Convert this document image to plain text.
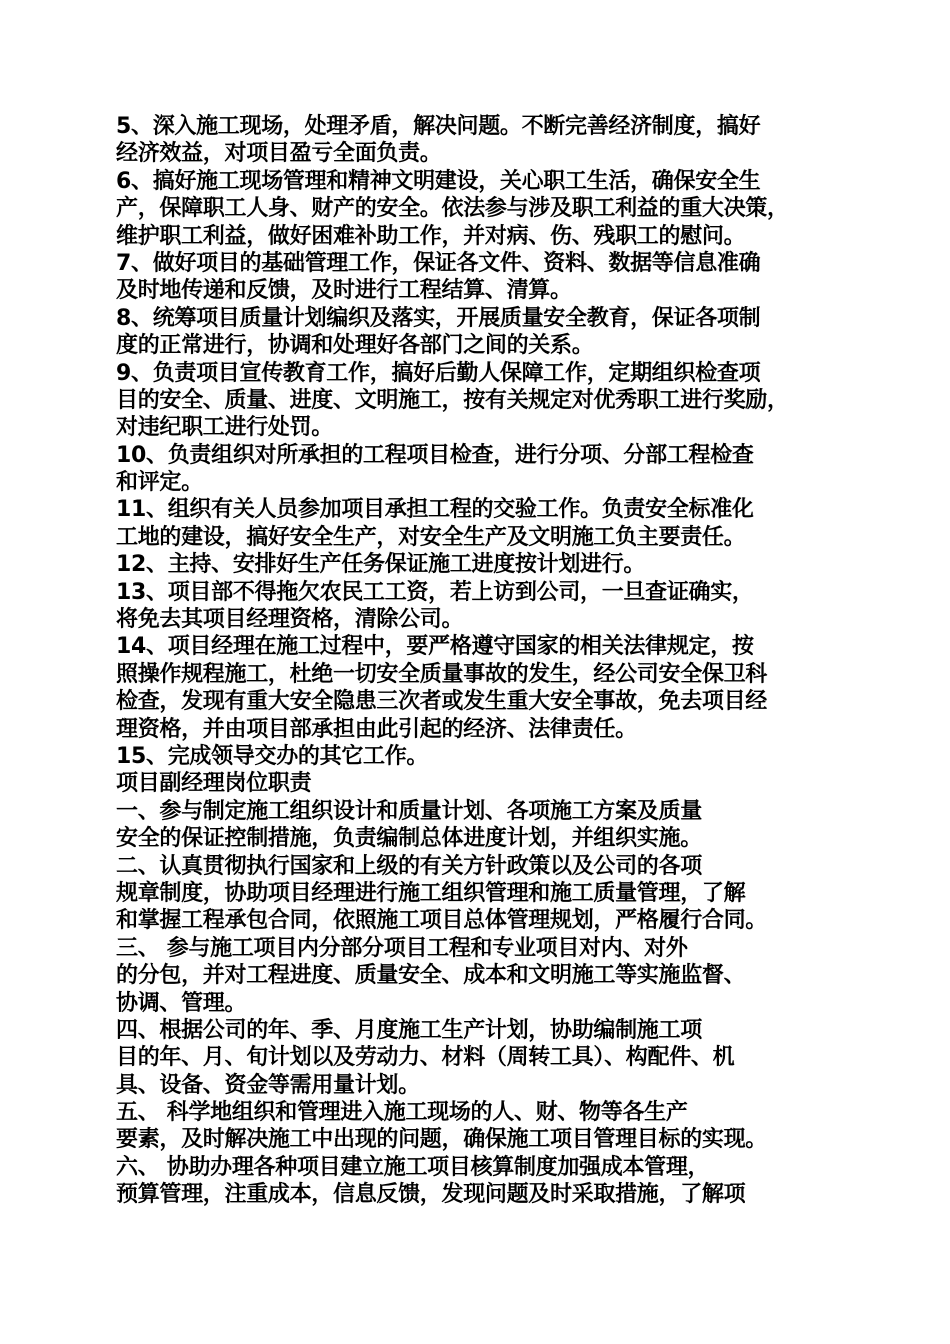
5、深入施工现场，处理矛盾，解决问题。不断完善经济制度，搞好
经济效益，对项目盈亏全面负责。
6、搞好施工现场管理和精神文明建设，关心职工生活，确保安全生
产，保障职工人身、财产的安全。依法参与涉及职工利益的重大决策，
维护职工利益，做好困难补助工作，并对病、伤、残职工的慰问。
7、做好项目的基础管理工作，保证各文件、资料、数据等信息准确
及时地传递和反馈，及时进行工程结算、清算。
8、统筹项目质量计划编织及落实，开展质量安全教育，保证各项制
度的正常进行，协调和处理好各部门之间的关系。
9、负责项目宣传教育工作，搞好后勤人保障工作，定期组织检查项
目的安全、质量、进度、文明施工，按有关规定对优秀职工进行奖励，
对违纪职工进行处罚。
10、负责组织对所承担的工程项目检查，进行分项、分部工程检查
和评定。
11、组织有关人员参加项目承担工程的交验工作。负责安全标准化
工地的建设，搞好安全生产，对安全生产及文明施工负主要责任。
12、主持、安排好生产任务保证施工进度按计划进行。
13、项目部不得拖欠农民工工资，若上访到公司，一旦查证确实，
将免去其项目经理资格，清除公司。
14、项目经理在施工过程中，要严格遵守国家的相关法律规定，按
照操作规程施工，杜绝一切安全质量事故的发生，经公司安全保卫科
检查，发现有重大安全隐患三次者或发生重大安全事故，免去项目经
理资格，并由项目部承担由此引起的经济、法律责任。
15、完成领导交办的其它工作。
项目副经理岗位职责
一、参与制定施工组织设计和质量计划、各项施工方案及质量
安全的保证控制措施，负责编制总体进度计划，并组织实施。
二、认真贯彻执行国家和上级的有关方针政策以及公司的各项
规章制度，协助项目经理进行施工组织管理和施工质量管理，了解
和掌握工程承包合同，依照施工项目总体管理规划，严格履行合同。
三、 参与施工项目内分部分项目工程和专业项目对内、对外
的分包，并对工程进度、质量安全、成本和文明施工等实施监督、
协调、管理。
四、根据公司的年、季、月度施工生产计划，协助编制施工项
目的年、月、旬计划以及劳动力、材料（周转工具）、构配件、机
具、设备、资金等需用量计划。
五、 科学地组织和管理进入施工现场的人、财、物等各生产
要素，及时解决施工中出现的问题，确保施工项目管理目标的实现。
六、 协助办理各种项目建立施工项目核算制度加强成本管理，
预算管理，注重成本，信息反馈，发现问题及时采取措施，了解项
